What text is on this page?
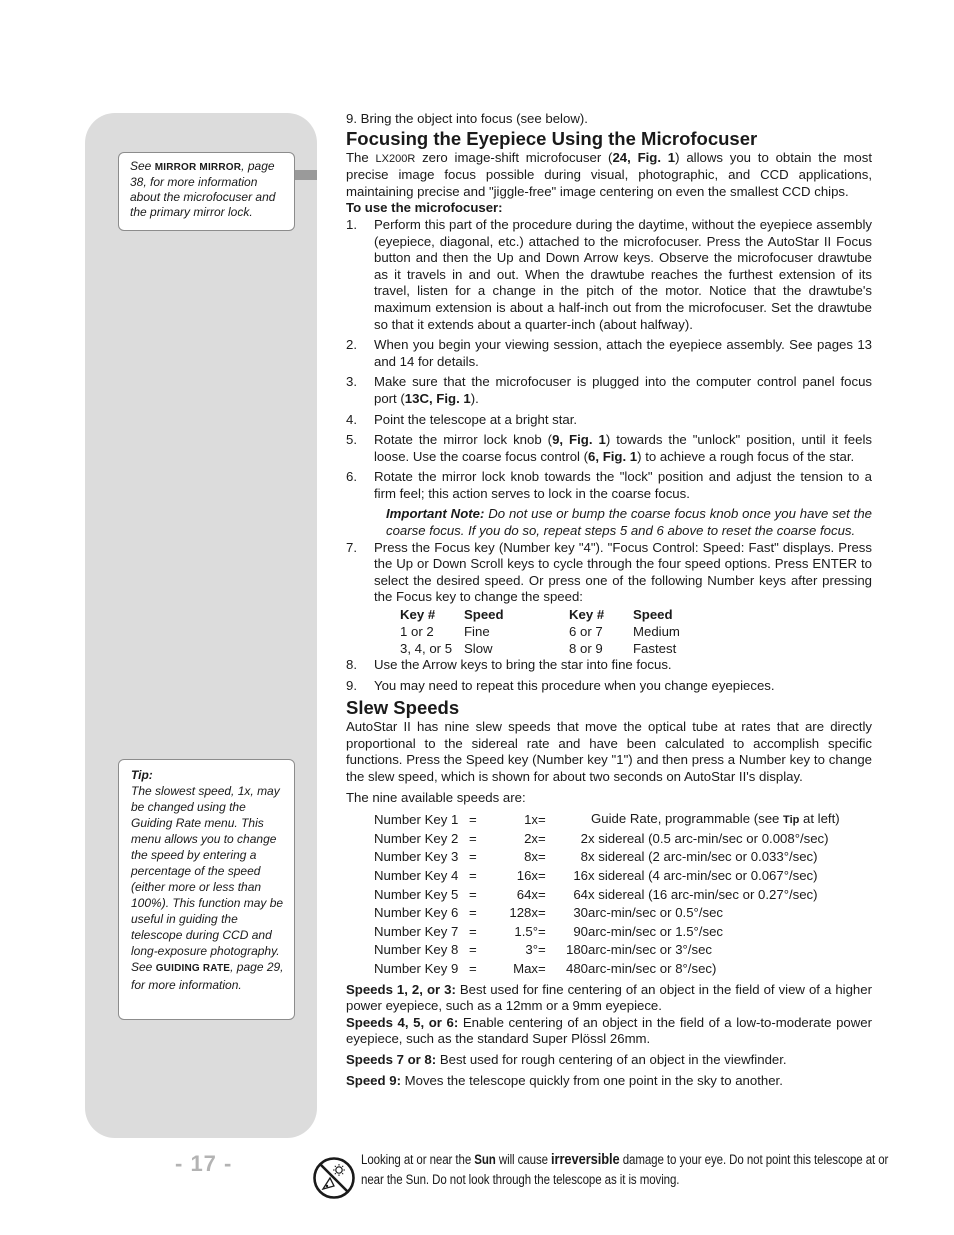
See MIRROR MIRROR, page 38, for more information about the microfocuser and the primary mirror lock.
Tip:
The slowest speed, 1x, may be changed using the Guiding Rate menu. This menu allows you to change the speed by entering a percentage of the speed (either more or less than 100%). This function may be useful in guiding the telescope during CCD and long-exposure photography. See GUIDING RATE, page 29, for more information.
- 17 -

9. Bring the object into focus (see below).

Focusing the Eyepiece Using the Microfocuser

The LX200R zero image-shift microfocuser (24, Fig. 1) allows you to obtain the most precise image focus possible during visual, photographic, and CCD applications, maintaining precise and "jiggle-free" image centering on even the smallest CCD chips.

To use the microfocuser:

1. Perform this part of the procedure during the daytime, without the eyepiece assembly (eyepiece, diagonal, etc.) attached to the microfocuser. Press the AutoStar II Focus button and then the Up and Down Arrow keys. Observe the microfocuser drawtube as it travels in and out. When the drawtube reaches the furthest extension of its travel, listen for a change in the pitch of the motor. Notice that the drawtube's maximum extension is about a half-inch out from the microfocuser. Set the drawtube so that it extends about a quarter-inch (about halfway).
2. When you begin your viewing session, attach the eyepiece assembly. See pages 13 and 14 for details.
3. Make sure that the microfocuser is plugged into the computer control panel focus port (13C, Fig. 1).
4. Point the telescope at a bright star.
5. Rotate the mirror lock knob (9, Fig. 1) towards the "unlock" position, until it feels loose. Use the coarse focus control (6, Fig. 1) to achieve a rough focus of the star.
6. Rotate the mirror lock knob towards the "lock" position and adjust the tension to a firm feel; this action serves to lock in the coarse focus.

Important Note: Do not use or bump the coarse focus knob once you have set the coarse focus. If you do so, repeat steps 5 and 6 above to reset the coarse focus.

7. Press the Focus key (Number key "4"). "Focus Control: Speed: Fast" displays. Press the Up or Down Scroll keys to cycle through the four speed options. Press ENTER to select the desired speed. Or press one of the following Number keys after pressing the Focus key to change the speed:
Key #	Speed	Key #	Speed
1 or 2	Fine	6 or 7	Medium
3, 4, or 5	Slow	8 or 9	Fastest
8. Use the Arrow keys to bring the star into fine focus.
9. You may need to repeat this procedure when you change eyepieces.
Slew Speeds

AutoStar II has nine slew speeds that move the optical tube at rates that are directly proportional to the sidereal rate and have been calculated to accomplish specific functions. Press the Speed key (Number key "1") and then press a Number key to change the slew speed, which is shown for about two seconds on AutoStar II's display.

The nine available speeds are:

Number Key 1	=	1x	=	Guide Rate, programmable (see Tip at left)	
Number Key 2	=	2x	=	2	x sidereal (0.5 arc-min/sec or 0.008°/sec)
Number Key 3	=	8x	=	8	x sidereal (2 arc-min/sec or 0.033°/sec)
Number Key 4	=	16x	=	16	x sidereal (4 arc-min/sec or 0.067°/sec)
Number Key 5	=	64x	=	64	x sidereal (16 arc-min/sec or 0.27°/sec)
Number Key 6	=	128x	=	30	arc-min/sec or 0.5°/sec
Number Key 7	=	1.5°	=	90	arc-min/sec or 1.5°/sec
Number Key 8	=	3°	=	180	arc-min/sec or 3°/sec
Number Key 9	=	Max	=	480	arc-min/sec or 8°/sec)

Speeds 1, 2, or 3: Best used for fine centering of an object in the field of view of a higher power eyepiece, such as a 12mm or a 9mm eyepiece.

Speeds 4, 5, or 6: Enable centering of an object in the field of a low-to-moderate power eyepiece, such as the standard Super Plössl 26mm.

Speeds 7 or 8: Best used for rough centering of an object in the viewfinder.

Speed 9: Moves the telescope quickly from one point in the sky to another.

Looking at or near the Sun will cause irreversible damage to your eye. Do not point this telescope at or near the Sun. Do not look through the telescope as it is moving.
